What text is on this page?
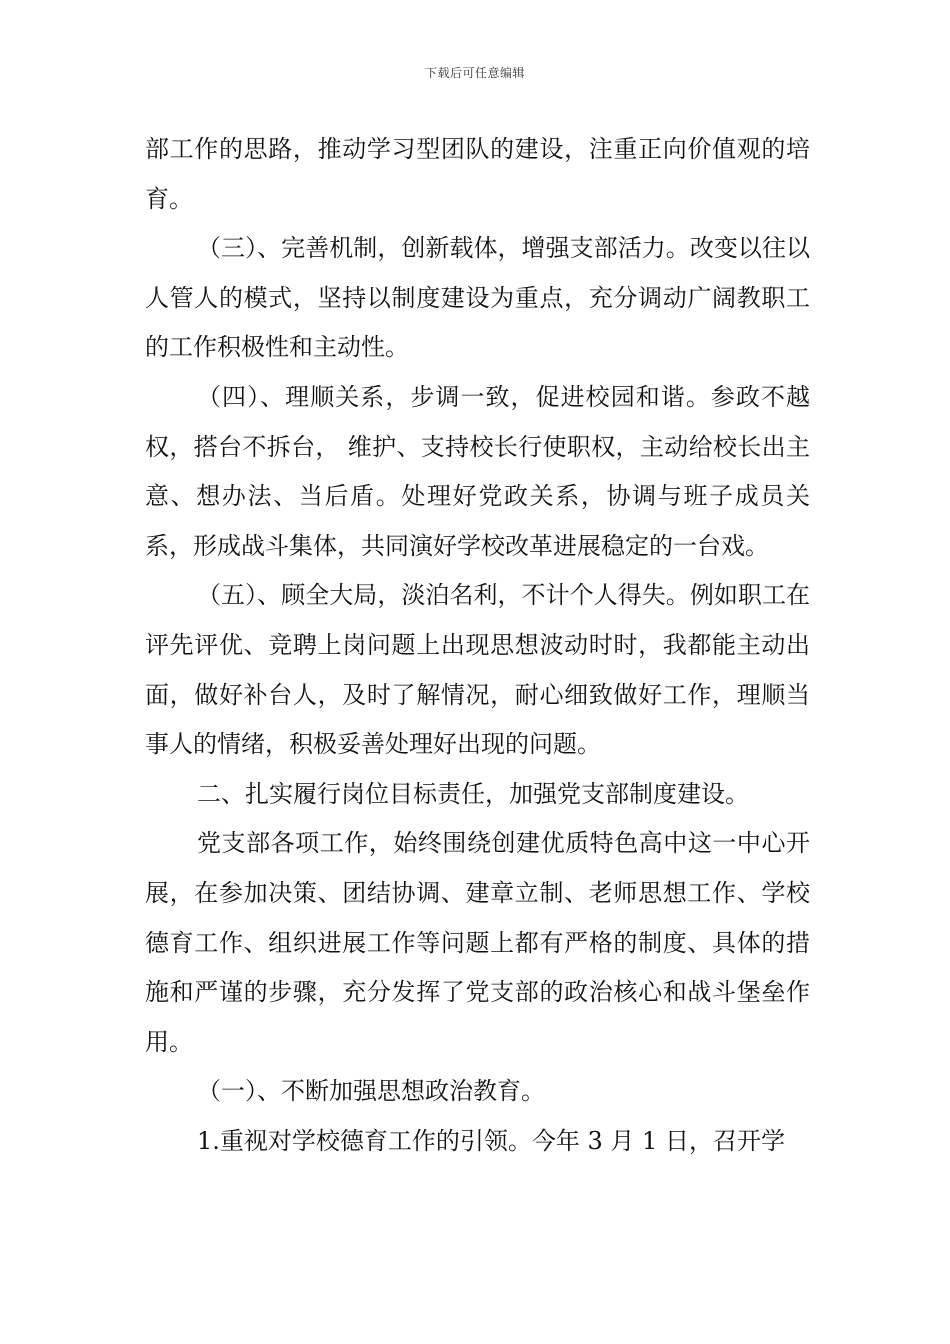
下载后可任意编辑

部工作的思路，推动学习型团队的建设，注重正向价值观的培育。

（三）、完善机制，创新载体，增强支部活力。改变以往以人管人的模式，坚持以制度建设为重点，充分调动广阔教职工的工作积极性和主动性。

（四）、理顺关系，步调一致，促进校园和谐。参政不越权，搭台不拆台， 维护、支持校长行使职权，主动给校长出主意、想办法、当后盾。处理好党政关系，协调与班子成员关系，形成战斗集体，共同演好学校改革进展稳定的一台戏。

（五）、顾全大局，淡泊名利，不计个人得失。例如职工在评先评优、竞聘上岗问题上出现思想波动时时，我都能主动出面，做好补台人，及时了解情况，耐心细致做好工作，理顺当事人的情绪，积极妥善处理好出现的问题。

二、扎实履行岗位目标责任，加强党支部制度建设。

党支部各项工作，始终围绕创建优质特色高中这一中心开展，在参加决策、团结协调、建章立制、老师思想工作、学校德育工作、组织进展工作等问题上都有严格的制度、具体的措施和严谨的步骤，充分发挥了党支部的政治核心和战斗堡垒作用。

（一）、不断加强思想政治教育。

1.重视对学校德育工作的引领。今年 3 月 1 日，召开学
